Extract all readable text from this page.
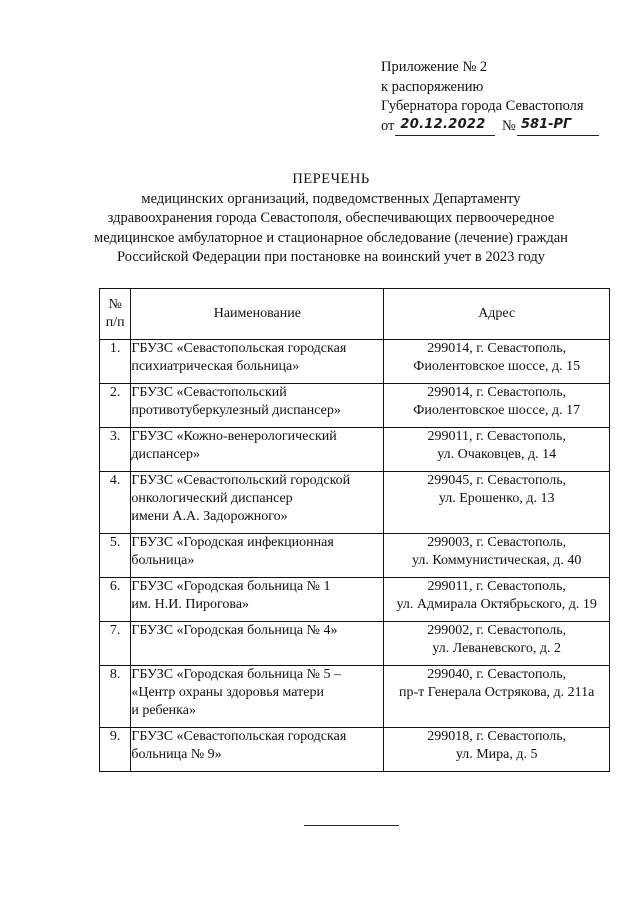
Приложение № 2
к распоряжению
Губернатора города Севастополя
от 20.12.2022	№ 581-РГ
ПЕРЕЧЕНЬ
медицинских организаций, подведомственных Департаменту
здравоохранения города Севастополя, обеспечивающих первоочередное
медицинское амбулаторное и стационарное обследование (лечение) граждан
Российской Федерации при постановке на воинский учет в 2023 году
№
п/п	Наименование	Адрес
1.	ГБУЗС «Севастопольская городская
психиатрическая больница»	299014, г. Севастополь,
Фиолентовское шоссе, д. 15

2.	ГБУЗС «Севастопольский
противотуберкулезный диспансер»	299014, г. Севастополь,
Фиолентовское шоссе, д. 17

3.	ГБУЗС «Кожно-венерологический
диспансер»	299011, г. Севастополь,
ул. Очаковцев, д. 14

4.	ГБУЗС «Севастопольский городской
онкологический диспансер
имени А.А. Задорожного»	299045, г. Севастополь,
ул. Ерошенко, д. 13

5.	ГБУЗС «Городская инфекционная
больница»	299003, г. Севастополь,
ул. Коммунистическая, д. 40

6.	ГБУЗС «Городская больница № 1
им. Н.И. Пирогова»	299011, г. Севастополь,
ул. Адмирала Октябрьского, д. 19

7.	ГБУЗС «Городская больница № 4»	299002, г. Севастополь,
ул. Леваневского, д. 2

8.	ГБУЗС «Городская больница № 5 –
«Центр охраны здоровья матери
и ребенка»	299040, г. Севастополь,
пр-т Генерала Острякова, д. 211а

9.	ГБУЗС «Севастопольская городская
больница № 9»	299018, г. Севастополь,
ул. Мира, д. 5
